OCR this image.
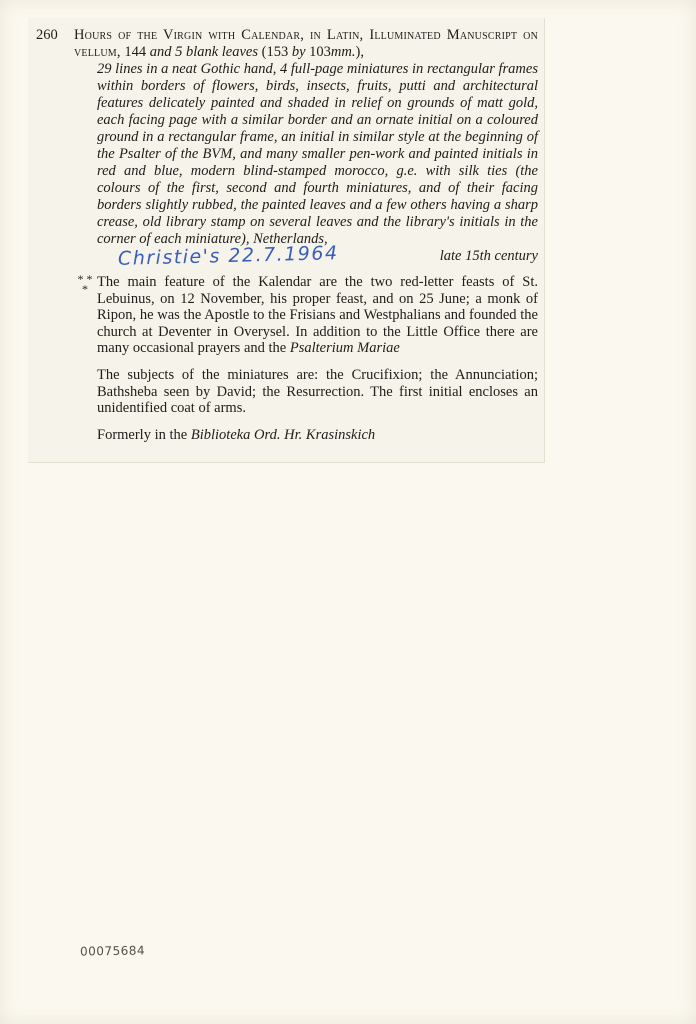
260 Hours of the Virgin with Calendar, in Latin, Illuminated Manuscript on vellum, 144 and 5 blank leaves (153 by 103mm.),
29 lines in a neat Gothic hand, 4 full-page miniatures in rectangular frames within borders of flowers, birds, insects, fruits, putti and architectural features delicately painted and shaded in relief on grounds of matt gold, each facing page with a similar border and an ornate initial on a coloured ground in a rectangular frame, an initial in similar style at the beginning of the Psalter of the BVM, and many smaller pen-work and painted initials in red and blue, modern blind-stamped morocco, g.e. with silk ties (the colours of the first, second and fourth miniatures, and of their facing borders slightly rubbed, the painted leaves and a few others having a sharp crease, old library stamp on several leaves and the library's initials in the corner of each miniature), Netherlands,
Christie's 22.7.1964	late 15th century
* * * The main feature of the Kalendar are the two red-letter feasts of St. Lebuinus, on 12 November, his proper feast, and on 25 June; a monk of Ripon, he was the Apostle to the Frisians and Westphalians and founded the church at Deventer in Overysel. In addition to the Little Office there are many occasional prayers and the Psalterium Mariae

The subjects of the miniatures are: the Crucifixion; the Annunciation; Bathsheba seen by David; the Resurrection. The first initial encloses an unidentified coat of arms.

Formerly in the Biblioteka Ord. Hr. Krasinskich

00075684
